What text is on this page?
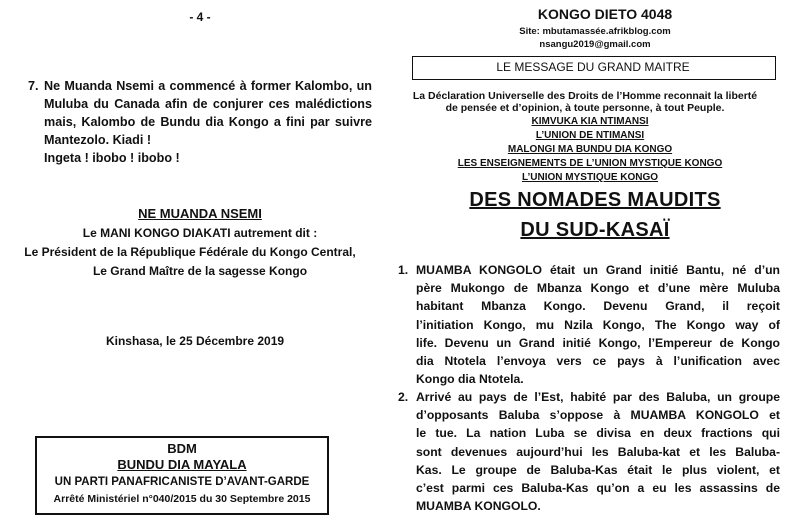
- 4 -
7. Ne Muanda Nsemi a commencé à former Kalombo, un
Muluba du Canada afin de conjurer ces malédictions
mais, Kalombo de Bundu dia Kongo a fini par suivre
Mantezolo. Kiadi !
Ingeta ! ibobo ! ibobo !
NE MUANDA NSEMI
Le MANI KONGO DIAKATI autrement dit :
Le Président de la République Fédérale du Kongo Central,
Le Grand Maître de la sagesse Kongo
Kinshasa, le 25 Décembre 2019
BDM
BUNDU DIA MAYALA
UN PARTI PANAFRICANISTE D’AVANT-GARDE
Arrêté Ministériel n°040/2015 du 30 Septembre 2015
KONGO DIETO 4048
Site: mbutamassée.afrikblog.com
nsangu2019@gmail.com
LE MESSAGE DU GRAND MAITRE
La Déclaration Universelle des Droits de l’Homme reconnait la liberté
de pensée et d’opinion, à toute personne, à tout Peuple.
KIMVUKA KIA NTIMANSI
L’UNION DE NTIMANSI
MALONGI MA BUNDU DIA KONGO
LES ENSEIGNEMENTS DE L’UNION MYSTIQUE KONGO
L’UNION MYSTIQUE KONGO
DES NOMADES MAUDITS
DU SUD-KASAÏ
1. MUAMBA KONGOLO était un Grand initié Bantu, né d’un
père Mukongo de Mbanza Kongo et d’une mère Muluba
habitant Mbanza Kongo. Devenu Grand, il reçoit
l’initiation Kongo, mu Nzila Kongo, The Kongo way of
life. Devenu un Grand initié Kongo, l’Empereur de Kongo
dia Ntotela l’envoya vers ce pays à l’unification avec
Kongo dia Ntotela.
2. Arrivé au pays de l’Est, habité par des Baluba, un groupe
d’opposants Baluba s’oppose à MUAMBA KONGOLO et
le tue. La nation Luba se divisa en deux fractions qui
sont devenues aujourd’hui les Baluba-kat et les Baluba-
Kas. Le groupe de Baluba-Kas était le plus violent, et
c’est parmi ces Baluba-Kas qu’on a eu les assassins de
MUAMBA KONGOLO.
